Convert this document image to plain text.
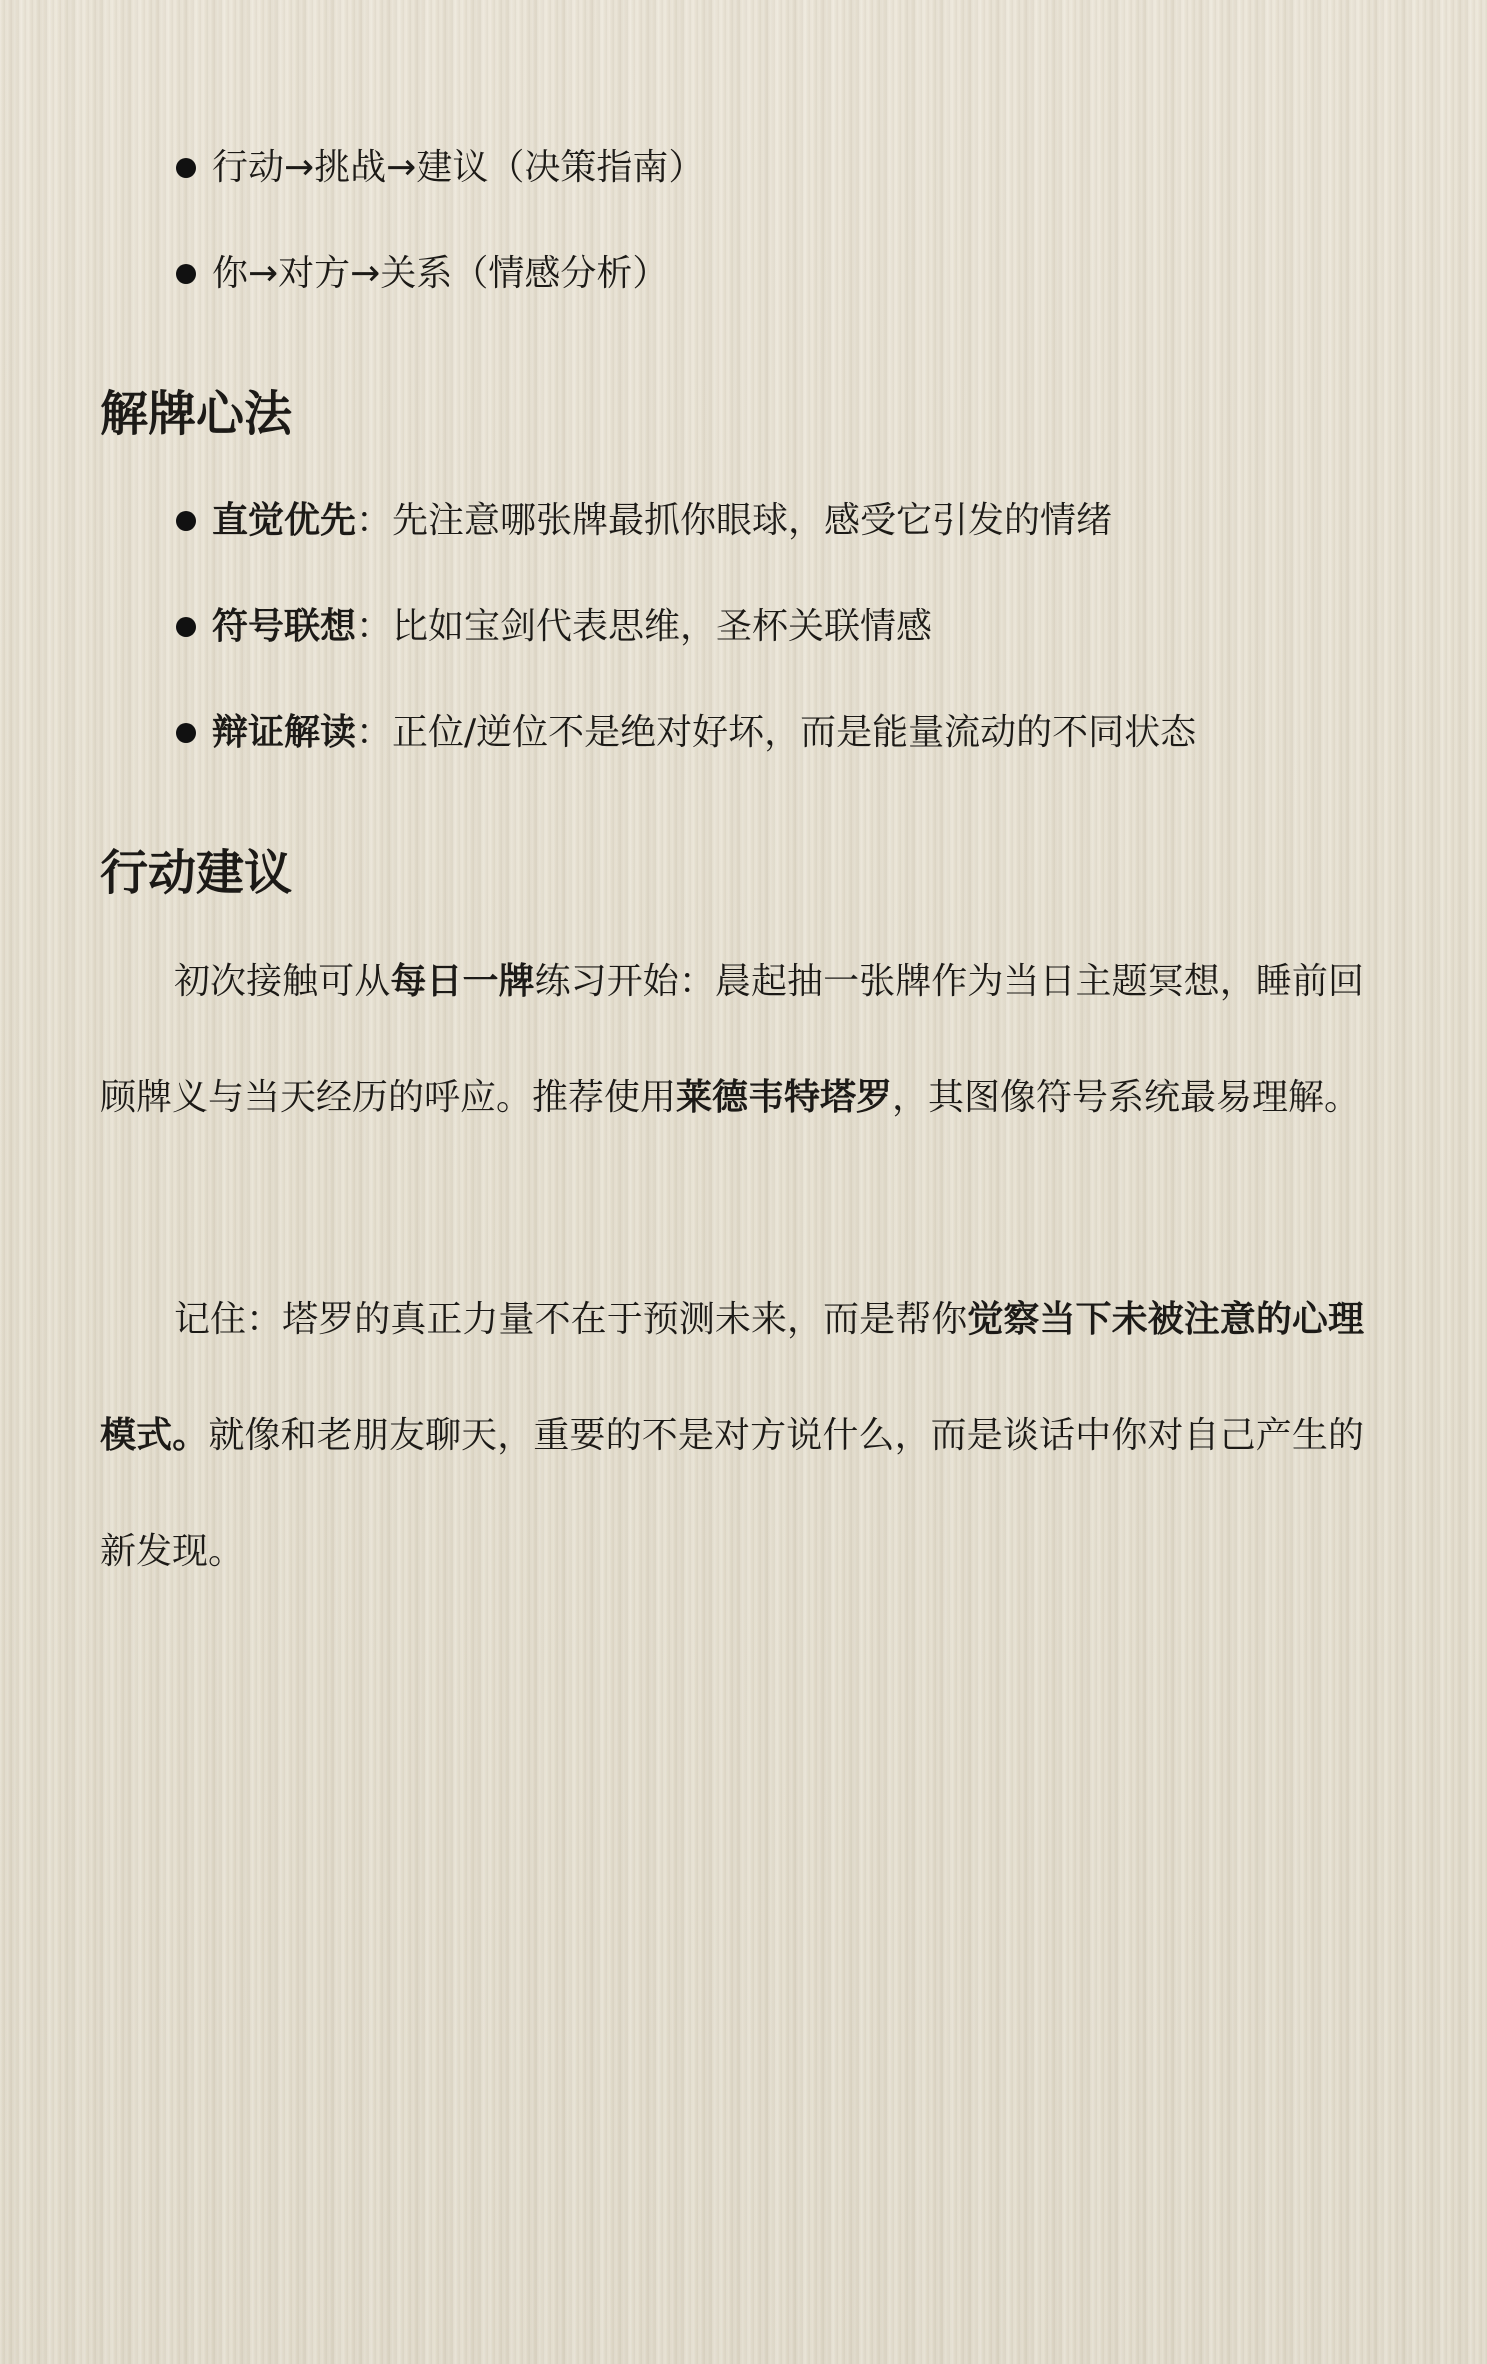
行动→挑战→建议（决策指南）
你→对方→关系（情感分析）
解牌心法
直觉优先：先注意哪张牌最抓你眼球，感受它引发的情绪
符号联想：比如宝剑代表思维，圣杯关联情感
辩证解读：正位/逆位不是绝对好坏，而是能量流动的不同状态
行动建议

初次接触可从每日一牌练习开始：晨起抽一张牌作为当日主题冥想，睡前回顾牌义与当天经历的呼应。推荐使用莱德韦特塔罗，其图像符号系统最易理解。

记住：塔罗的真正力量不在于预测未来，而是帮你觉察当下未被注意的心理模式。就像和老朋友聊天，重要的不是对方说什么，而是谈话中你对自己产生的新发现。
